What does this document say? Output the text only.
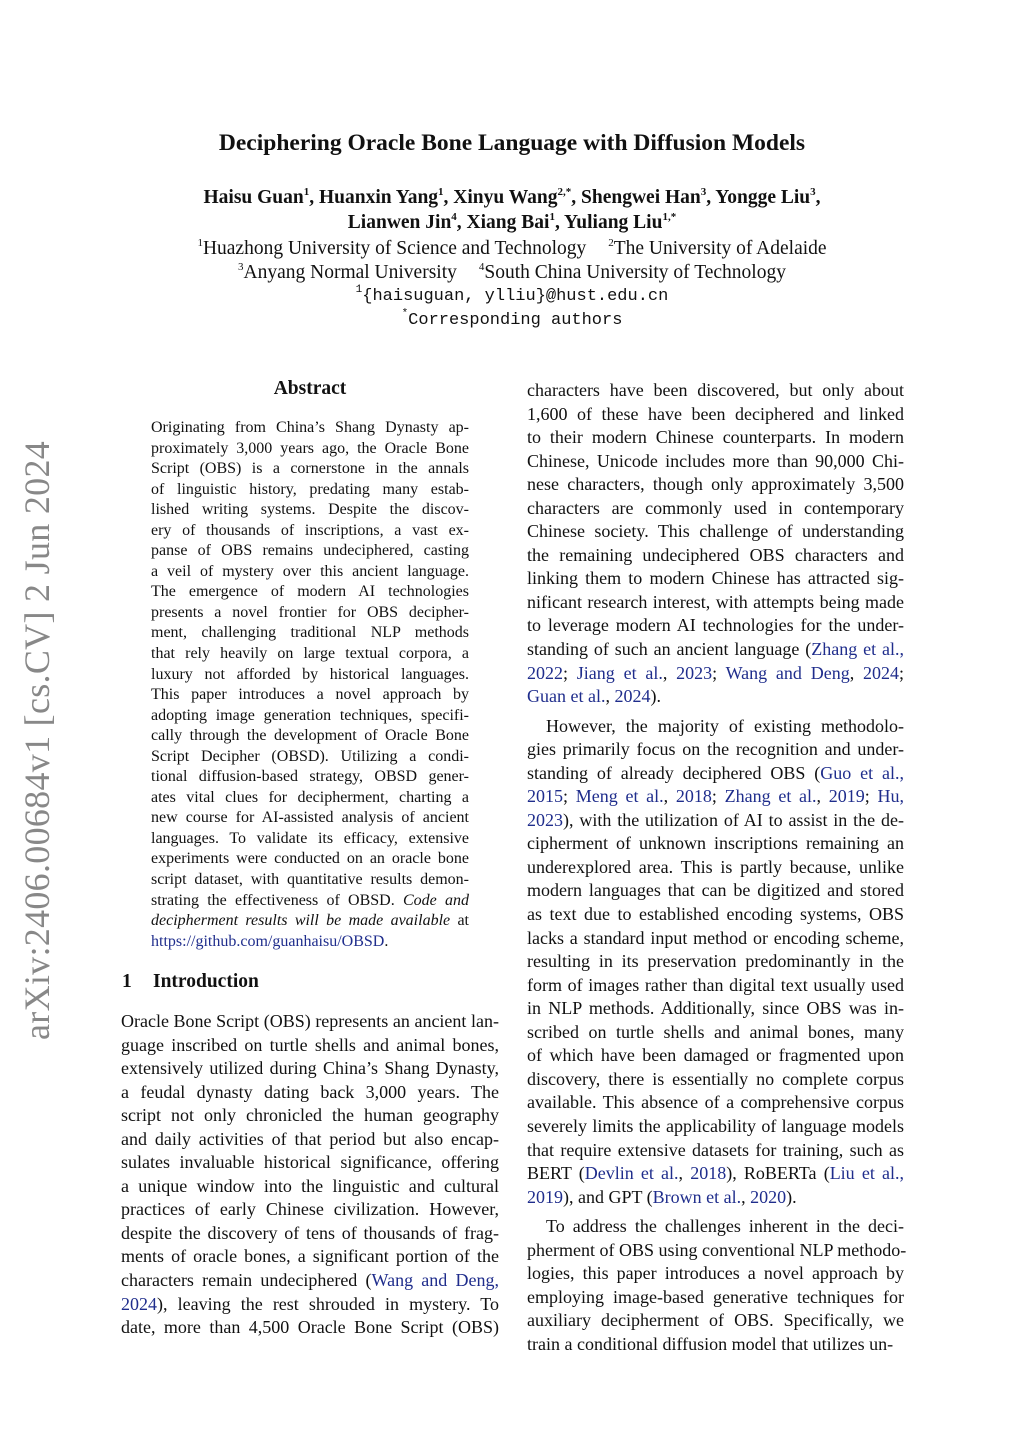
arXiv:2406.00684v1 [cs.CV] 2 Jun 2024
Deciphering Oracle Bone Language with Diffusion Models
Haisu Guan$^1$, Huanxin Yang$^1$, Xinyu Wang$^{2,*}$, Shengwei Han$^3$, Yongge Liu$^3$,
Lianwen Jin$^4$, Xiang Bai$^1$, Yuliang Liu$^{1,*}$
$^1$Huazhong University of Science and Technology $^2$The University of Adelaide
$^3$Anyang Normal University $^4$South China University of Technology
$^1${haisuguan, ylliu}@hust.edu.cn
*Corresponding authors
Abstract
Originating from China’s Shang Dynasty ap-
proximately 3,000 years ago, the Oracle Bone
Script (OBS) is a cornerstone in the annals
of linguistic history, predating many estab-
lished writing systems. Despite the discov-
ery of thousands of inscriptions, a vast ex-
panse of OBS remains undeciphered, casting
a veil of mystery over this ancient language.
The emergence of modern AI technologies
presents a novel frontier for OBS decipher-
ment, challenging traditional NLP methods
that rely heavily on large textual corpora, a
luxury not afforded by historical languages.
This paper introduces a novel approach by
adopting image generation techniques, specifi-
cally through the development of Oracle Bone
Script Decipher (OBSD). Utilizing a condi-
tional diffusion-based strategy, OBSD gener-
ates vital clues for decipherment, charting a
new course for AI-assisted analysis of ancient
languages. To validate its efficacy, extensive
experiments were conducted on an oracle bone
script dataset, with quantitative results demon-
strating the effectiveness of OBSD. Code and
decipherment results will be made available at
https://github.com/guanhaisu/OBSD.
1 Introduction
Oracle Bone Script (OBS) represents an ancient lan-
guage inscribed on turtle shells and animal bones,
extensively utilized during China’s Shang Dynasty,
a feudal dynasty dating back 3,000 years. The
script not only chronicled the human geography
and daily activities of that period but also encap-
sulates invaluable historical significance, offering
a unique window into the linguistic and cultural
practices of early Chinese civilization. However,
despite the discovery of tens of thousands of frag-
ments of oracle bones, a significant portion of the
characters remain undeciphered (Wang and Deng,
2024), leaving the rest shrouded in mystery. To
date, more than 4,500 Oracle Bone Script (OBS)
characters have been discovered, but only about
1,600 of these have been deciphered and linked
to their modern Chinese counterparts. In modern
Chinese, Unicode includes more than 90,000 Chi-
nese characters, though only approximately 3,500
characters are commonly used in contemporary
Chinese society. This challenge of understanding
the remaining undeciphered OBS characters and
linking them to modern Chinese has attracted sig-
nificant research interest, with attempts being made
to leverage modern AI technologies for the under-
standing of such an ancient language (Zhang et al.,
2022; Jiang et al., 2023; Wang and Deng, 2024;
Guan et al., 2024).
However, the majority of existing methodolo-
gies primarily focus on the recognition and under-
standing of already deciphered OBS (Guo et al.,
2015; Meng et al., 2018; Zhang et al., 2019; Hu,
2023), with the utilization of AI to assist in the de-
cipherment of unknown inscriptions remaining an
underexplored area. This is partly because, unlike
modern languages that can be digitized and stored
as text due to established encoding systems, OBS
lacks a standard input method or encoding scheme,
resulting in its preservation predominantly in the
form of images rather than digital text usually used
in NLP methods. Additionally, since OBS was in-
scribed on turtle shells and animal bones, many
of which have been damaged or fragmented upon
discovery, there is essentially no complete corpus
available. This absence of a comprehensive corpus
severely limits the applicability of language models
that require extensive datasets for training, such as
BERT (Devlin et al., 2018), RoBERTa (Liu et al.,
2019), and GPT (Brown et al., 2020).
To address the challenges inherent in the deci-
pherment of OBS using conventional NLP methodo-
logies, this paper introduces a novel approach by
employing image-based generative techniques for
auxiliary decipherment of OBS. Specifically, we
train a conditional diffusion model that utilizes un-
